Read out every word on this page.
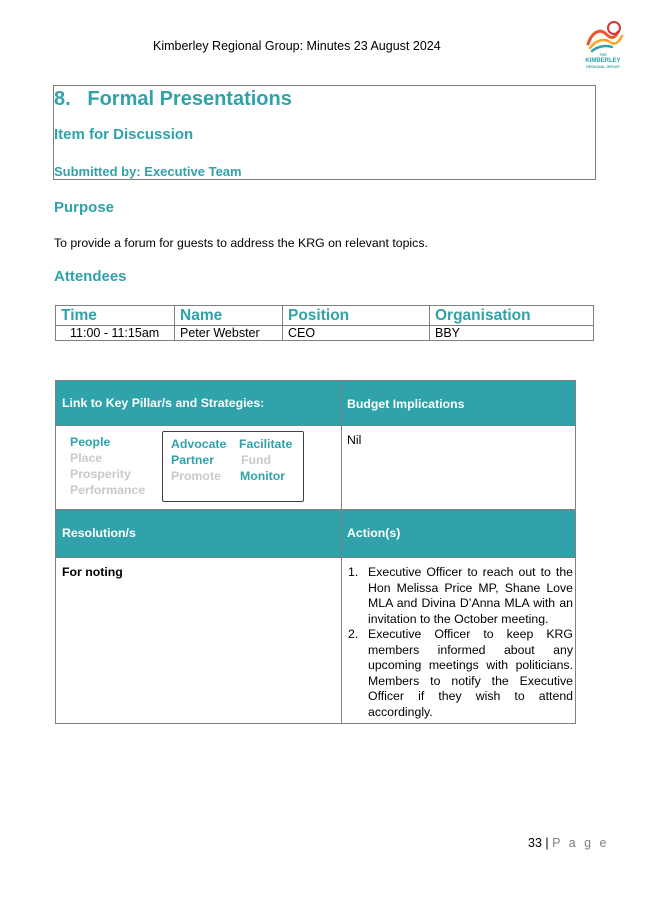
Kimberley Regional Group: Minutes 23 August 2024
THE
KIMBERLEY
REGIONAL GROUP
8. Formal Presentations
Item for Discussion
Submitted by: Executive Team
Purpose
To provide a forum for guests to address the KRG on relevant topics.
Attendees
Time	Name	Position	Organisation
11:00 - 11:15am	Peter Webster	CEO	BBY
Link to Key Pillar/s and Strategies:	Budget Implications
People
Place
Prosperity
Performance
Advocate Facilitate
Partner Fund
Promote Monitor
Nil
Resolution/s	Action(s)
For noting	1. Executive Officer to reach out to the Hon Melissa Price MP, Shane Love MLA and Divina D’Anna MLA with an invitation to the October meeting.
2. Executive Officer to keep KRG members informed about any upcoming meetings with politicians. Members to notify the Executive Officer if they wish to attend accordingly.
33 | P a g e
